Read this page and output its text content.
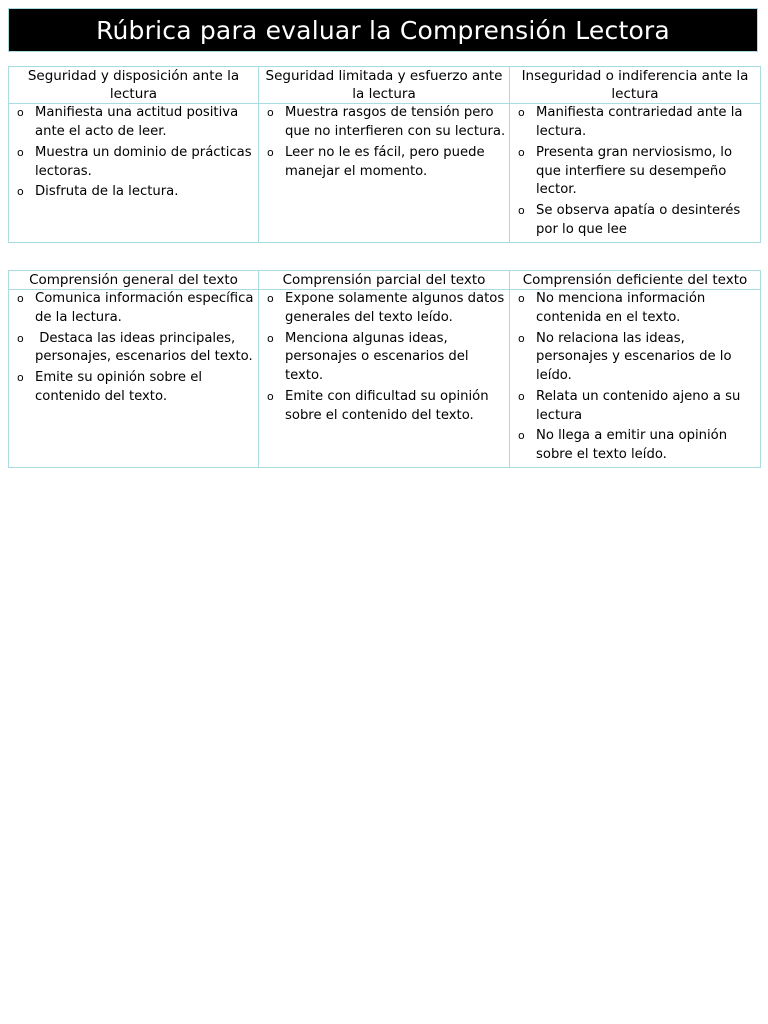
Rúbrica para evaluar la Comprensión Lectora
Seguridad y disposición ante la lectura	Seguridad limitada y esfuerzo ante la lectura	Inseguridad o indiferencia ante la lectura

o Manifiesta una actitud positiva ante el acto de leer.
o Muestra un dominio de prácticas lectoras.
o Disfruta de la lectura.

o Muestra rasgos de tensión pero que no interfieren con su lectura.
o Leer no le es fácil, pero puede manejar el momento.

o Manifiesta contrariedad ante la lectura.
o Presenta gran nerviosismo, lo que interfiere su desempeño lector.
o Se observa apatía o desinterés por lo que lee
Comprensión general del texto	Comprensión parcial del texto	Comprensión deficiente del texto

o Comunica información específica de la lectura.
o Destaca las ideas principales, personajes, escenarios del texto.
o Emite su opinión sobre el contenido del texto.

o Expone solamente algunos datos generales del texto leído.
o Menciona algunas ideas, personajes o escenarios del texto.
o Emite con dificultad su opinión sobre el contenido del texto.

o No menciona información contenida en el texto.
o No relaciona las ideas, personajes y escenarios de lo leído.
o Relata un contenido ajeno a su lectura
o No llega a emitir una opinión sobre el texto leído.
